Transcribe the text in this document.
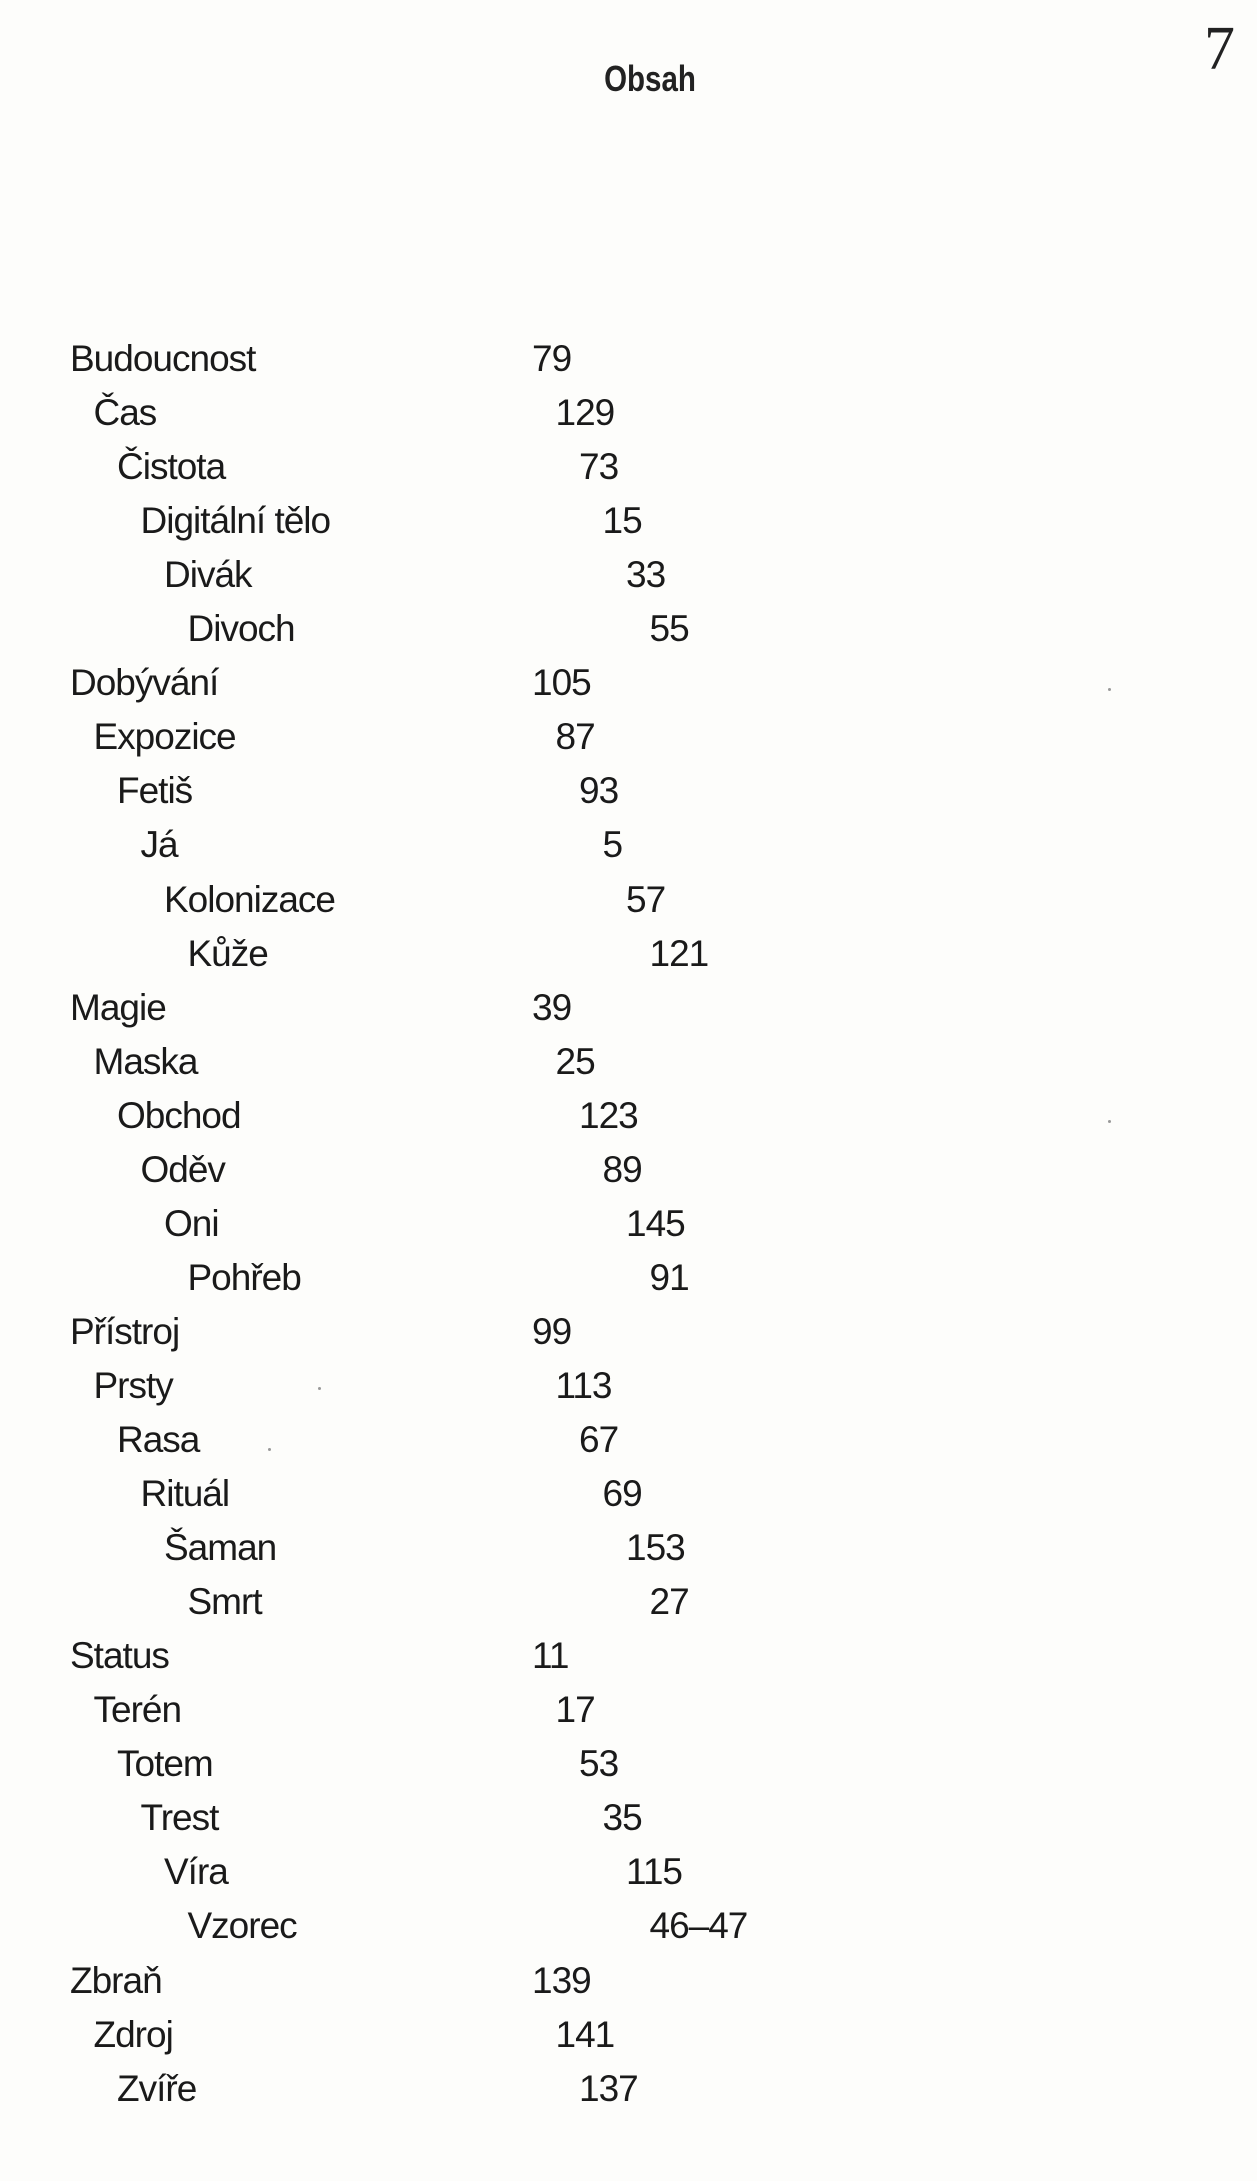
7
Obsah
Budoucnost	79
Čas	129
Čistota	73
Digitální tělo	15
Divák	33
Divoch	55
Dobývání	105
Expozice	87
Fetiš	93
Já	5
Kolonizace	57
Kůže	121
Magie	39
Maska	25
Obchod	123
Oděv	89
Oni	145
Pohřeb	91
Přístroj	99
Prsty	113
Rasa	67
Rituál	69
Šaman	153
Smrt	27
Status	11
Terén	17
Totem	53
Trest	35
Víra	115
Vzorec	46–47
Zbraň	139
Zdroj	141
Zvíře	137
